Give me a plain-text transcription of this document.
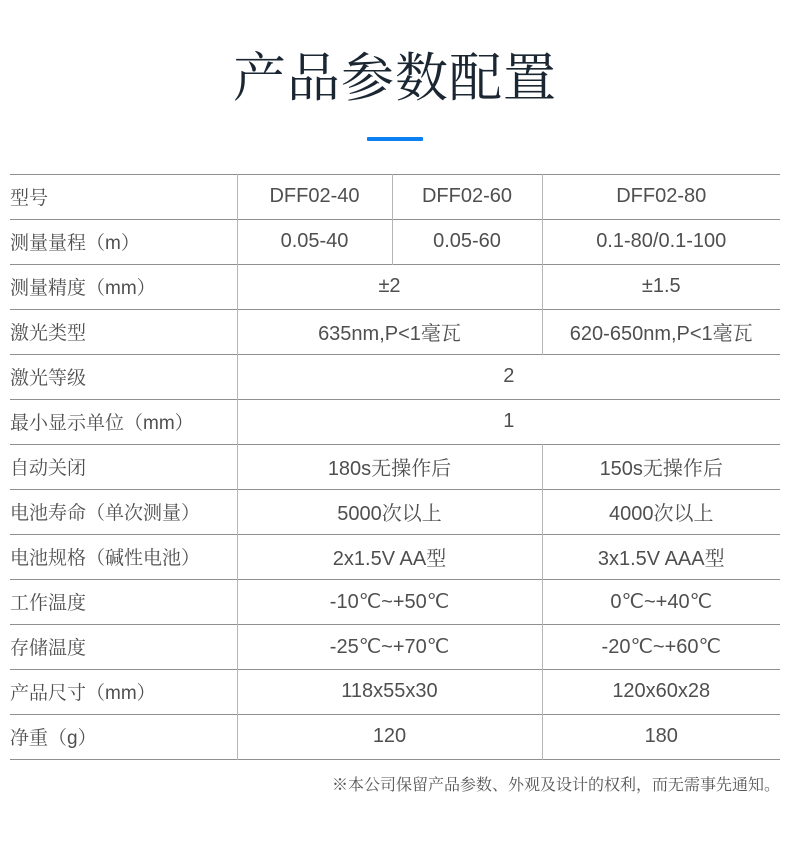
产品参数配置
型号	DFF02-40	DFF02-60	DFF02-80
测量量程（m）	0.05-40	0.05-60	0.1-80/0.1-100
测量精度（mm）	±2		±1.5
激光类型	635nm,P<1毫瓦		620-650nm,P<1毫瓦
激光等级	2		
最小显示单位（mm）	1		
自动关闭	180s无操作后		150s无操作后
电池寿命（单次测量）	5000次以上		4000次以上
电池规格（碱性电池）	2x1.5V AA型		3x1.5V AAA型
工作温度	-10℃~+50℃		0℃~+40℃
存储温度	-25℃~+70℃		-20℃~+60℃
产品尺寸（mm）	118x55x30		120x60x28
净重（g）	120		180
※本公司保留产品参数、外观及设计的权利，而无需事先通知。
